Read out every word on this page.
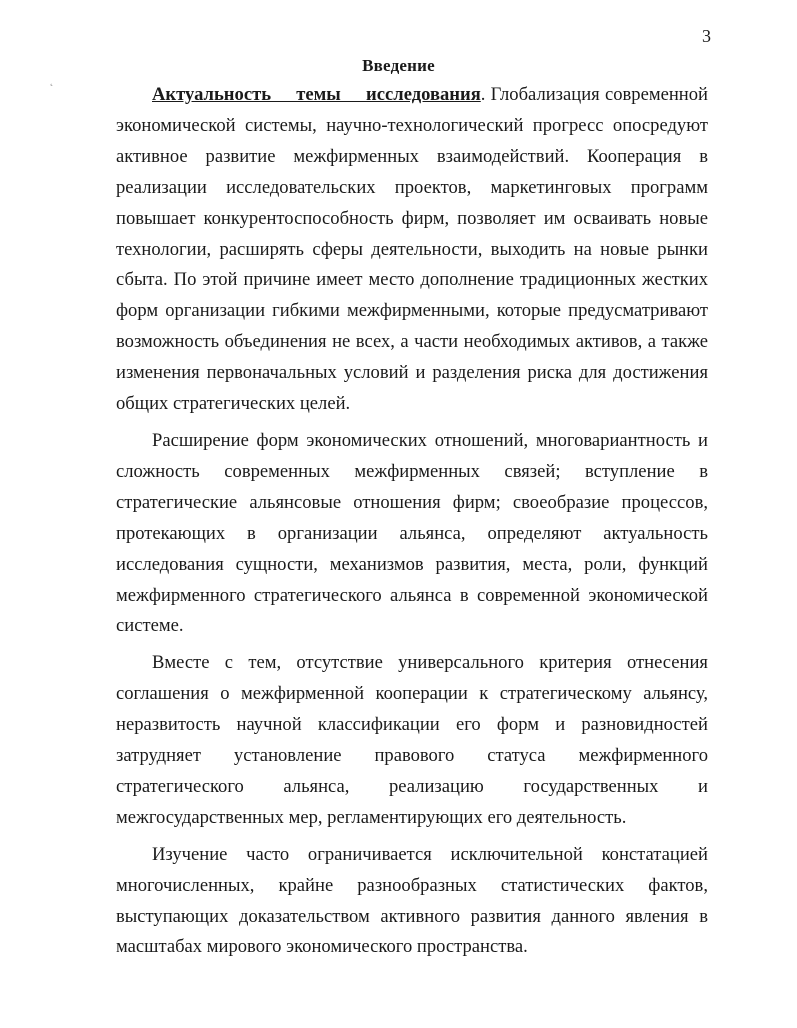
3
Введение
˛

Актуальность темы исследования. Глобализация современной экономической системы, научно-технологический прогресс опосредуют активное развитие межфирменных взаимодействий. Кооперация в реализации исследовательских проектов, маркетинговых программ повышает конкурентоспособность фирм, позволяет им осваивать новые технологии, расширять сферы деятельности, выходить на новые рынки сбыта. По этой причине имеет место дополнение традиционных жестких форм организации гибкими межфирменными, которые предусматривают возможность объединения не всех, а части необходимых активов, а также изменения первоначальных условий и разделения риска для достижения общих стратегических целей.

Расширение форм экономических отношений, многовариантность и сложность современных межфирменных связей; вступление в стратегические альянсовые отношения фирм; своеобразие процессов, протекающих в организации альянса, определяют актуальность исследования сущности, механизмов развития, места, роли, функций межфирменного стратегического альянса в современной экономической системе.

Вместе с тем, отсутствие универсального критерия отнесения соглашения о межфирменной кооперации к стратегическому альянсу, неразвитость научной классификации его форм и разновидностей затрудняет установление правового статуса межфирменного стратегического альянса, реализацию государственных и межгосударственных мер, регламентирующих его деятельность.

Изучение часто ограничивается исключительной констатацией многочисленных, крайне разнообразных статистических фактов, выступающих доказательством активного развития данного явления в масштабах мирового экономического пространства.
